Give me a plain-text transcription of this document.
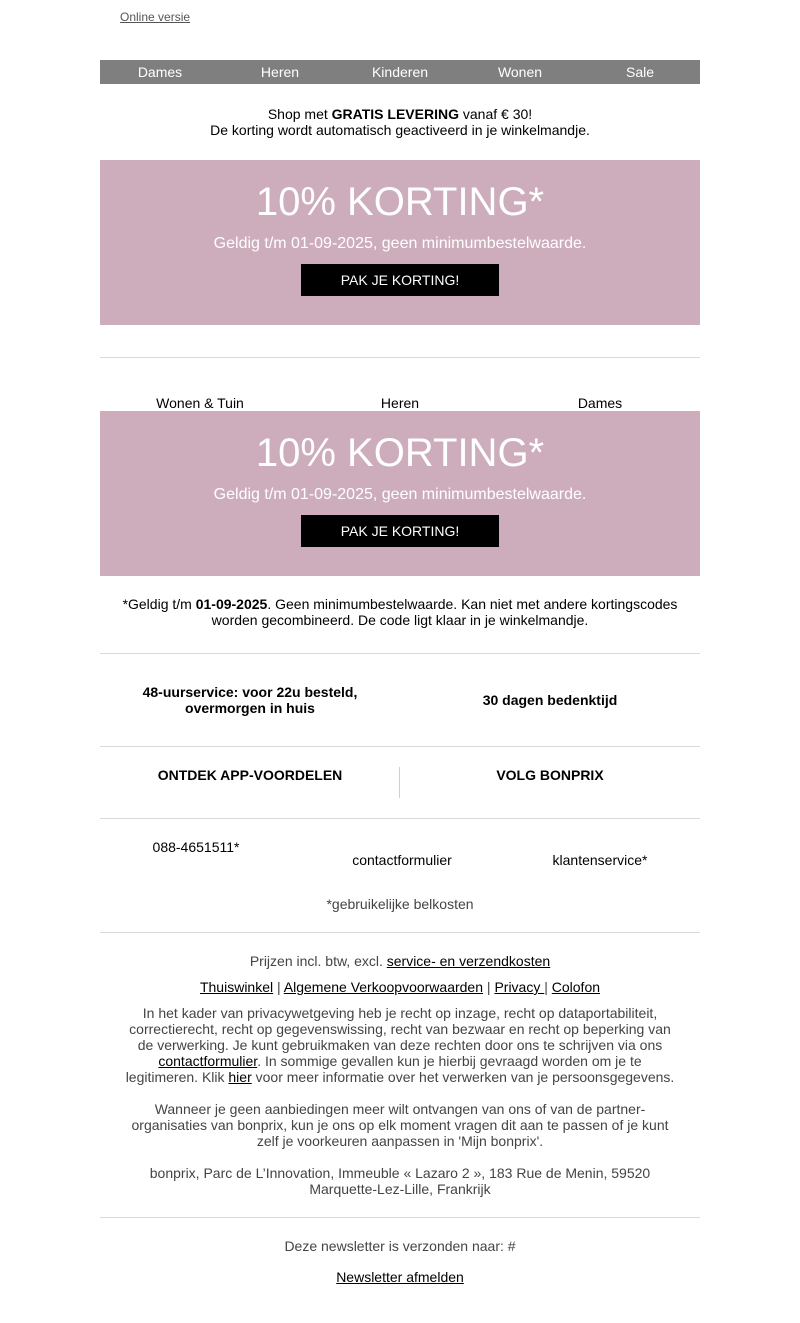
Online versie
Dames	Heren	Kinderen	Wonen	Sale
Shop met GRATIS LEVERING vanaf € 30!
De korting wordt automatisch geactiveerd in je winkelmandje.
10% KORTING*
Geldig t/m 01-09-2025, geen minimumbestelwaarde.
PAK JE KORTING!
Wonen & Tuin	Heren	Dames
10% KORTING*
Geldig t/m 01-09-2025, geen minimumbestelwaarde.
PAK JE KORTING!
*Geldig t/m 01-09-2025. Geen minimumbestelwaarde. Kan niet met andere kortingscodes worden gecombineerd. De code ligt klaar in je winkelmandje.
48-uurservice: voor 22u besteld, overmorgen in huis	30 dagen bedenktijd
ONTDEK APP-VOORDELEN	VOLG BONPRIX
088-4651511*
contactformulier	klantenservice*
*gebruikelijke belkosten
Prijzen incl. btw, excl. service- en verzendkosten
Thuiswinkel | Algemene Verkoopvoorwaarden | Privacy | Colofon
In het kader van privacywetgeving heb je recht op inzage, recht op dataportabiliteit, correctierecht, recht op gegevenswissing, recht van bezwaar en recht op beperking van de verwerking. Je kunt gebruikmaken van deze rechten door ons te schrijven via ons contactformulier. In sommige gevallen kun je hierbij gevraagd worden om je te legitimeren. Klik hier voor meer informatie over het verwerken van je persoonsgegevens.
Wanneer je geen aanbiedingen meer wilt ontvangen van ons of van de partner-organisaties van bonprix, kun je ons op elk moment vragen dit aan te passen of je kunt zelf je voorkeuren aanpassen in 'Mijn bonprix'.
bonprix, Parc de L’Innovation, Immeuble « Lazaro 2 », 183 Rue de Menin, 59520 Marquette-Lez-Lille, Frankrijk
Deze newsletter is verzonden naar: #
Newsletter afmelden
